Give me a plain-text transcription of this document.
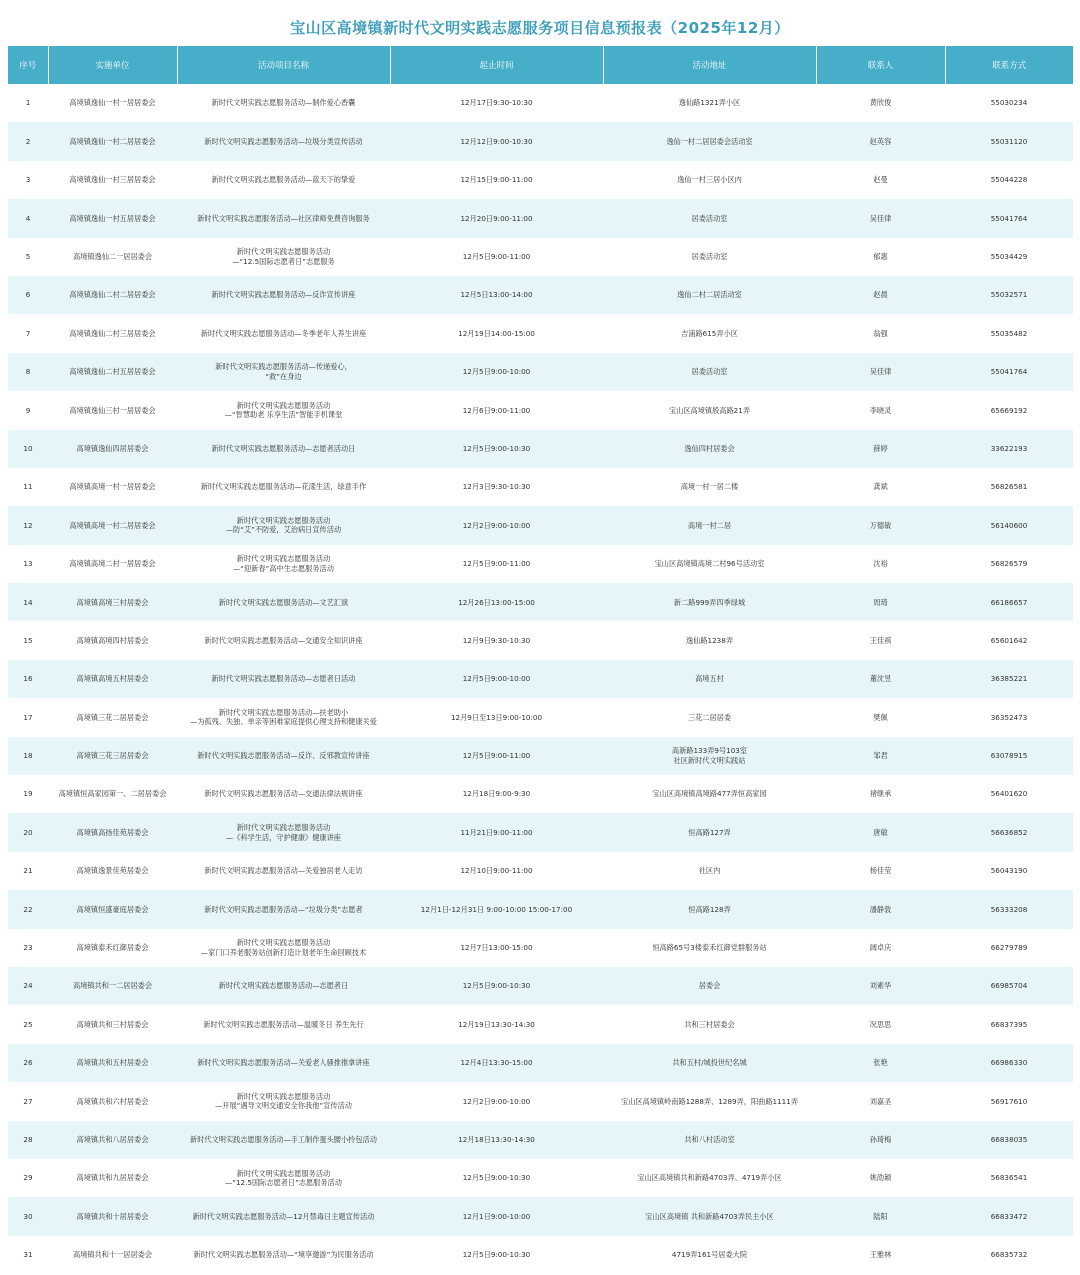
宝山区高境镇新时代文明实践志愿服务项目信息预报表（2025年12月）
序号	实施单位	活动项目名称	起止时间	活动地址	联系人	联系方式
1	高境镇逸仙一村一居居委会	新时代文明实践志愿服务活动—制作爱心香囊	12月17日9:30-10:30	逸仙路1321弄小区	黄欣俊	55030234
2	高境镇逸仙一村二居居委会	新时代文明实践志愿服务活动—垃圾分类宣传活动	12月12日9:00-10:30	逸仙一村二居居委会活动室	赵英容	55031120
3	高境镇逸仙一村三居居委会	新时代文明实践志愿服务活动—蓝天下的挚爱	12月15日9:00-11:00	逸仙一村三居小区内	赵曼	55044228
4	高境镇逸仙一村五居居委会	新时代文明实践志愿服务活动—社区律师免费咨询服务	12月20日9:00-11:00	居委活动室	吴佳律	55041764
5	高境镇逸仙二一居居委会	新时代文明实践志愿服务活动
—“12.5国际志愿者日”志愿服务	12月5日9:00-11:00	居委活动室	郁惠	55034429
6	高境镇逸仙二村二居居委会	新时代文明实践志愿服务活动—反诈宣传讲座	12月5日13:00-14:00	逸仙二村二居活动室	赵晨	55032571
7	高境镇逸仙二村三居居委会	新时代文明实践志愿服务活动—冬季老年人养生讲座	12月19日14:00-15:00	吉浦路615弄小区	翁强	55035482
8	高境镇逸仙二村五居居委会	新时代文明实践志愿服务活动—传递爱心，
“救”在身边	12月5日9:00-10:00	居委活动室	吴佳律	55041764
9	高境镇逸仙三村一居居委会	新时代文明实践志愿服务活动
—“智慧助老 乐享生活”智能手机课堂	12月6日9:00-11:00	宝山区高境镇殷高路21弄	李晓灵	65669192
10	高境镇逸仙四居居委会	新时代文明实践志愿服务活动—志愿者活动日	12月5日9:00-10:30	逸仙四村居委会	薛婷	33622193
11	高境镇高境一村一居居委会	新时代文明实践志愿服务活动—花漾生活，绿意手作	12月3日9:30-10:30	高境一村一居二楼	龚斌	56826581
12	高境镇高境一村二居居委会	新时代文明实践志愿服务活动
—防“艾”不防爱，艾治病日宣传活动	12月2日9:00-10:00	高境一村二居	万德敏	56140600
13	高境镇高境二村一居居委会	新时代文明实践志愿服务活动
—“迎新春”高中生志愿服务活动	12月5日9:00-11:00	宝山区高境镇高境二村96号活动室	沈裕	56826579
14	高境镇高境三村居委会	新时代文明实践志愿服务活动—文艺汇演	12月26日13:00-15:00	新二路999弄四季绿城	周琦	66186657
15	高境镇高境四村居委会	新时代文明实践志愿服务活动—交通安全知识讲座	12月9日9:30-10:30	逸仙路1238弄	王佳祺	65601642
16	高境镇高境五村居委会	新时代文明实践志愿服务活动—志愿者日活动	12月5日9:00-10:00	高境五村	董沈昱	36385221
17	高境镇三花二居居委会	新时代文明实践志愿服务活动—扶老助小
—为孤残、失独、单亲等困难家庭提供心理支持和健康关爱	12月9日至13日9:00-10:00	三花二居居委	樊佩	36352473
18	高境镇三花三居居委会	新时代文明实践志愿服务活动—反诈、反邪教宣传讲座	12月5日9:00-11:00	高新路133弄9号103室
社区新时代文明实践站	邹君	63078915
19	高境镇恒高家园第一、二居居委会	新时代文明实践志愿服务活动—交通法律法规讲座	12月18日9:00-9:30	宝山区高境镇高境路477弄恒高家园	褚继承	56401620
20	高境镇高扬佳苑居委会	新时代文明实践志愿服务活动
—《科学生活，守护健康》健康讲座	11月21日9:00-11:00	恒高路127弄	唐敏	56636852
21	高境镇逸景佳苑居委会	新时代文明实践志愿服务活动—关爱独居老人走访	12月10日9:00-11:00	社区内	杨佳莹	56043190
22	高境镇恒盛豪庭居委会	新时代文明实践志愿服务活动—“垃圾分类”志愿者	12月1日-12月31日 9:00-10:00 15:00-17:00	恒高路128弄	潘静敦	56333208
23	高境镇泰禾红御居委会	新时代文明实践志愿服务活动
—家门口养老服务站创新打造计划老年生命回顾技术	12月7日13:00-15:00	恒高路65号3楼泰禾红御党群服务站	阔卓庆	66279789
24	高境镇共和一二居居委会	新时代文明实践志愿服务活动—志愿者日	12月5日9:00-10:30	居委会	刘素华	66985704
25	高境镇共和三村居委会	新时代文明实践志愿服务活动—温暖冬日 养生先行	12月19日13:30-14:30	共和三村居委会	况思思	66837395
26	高境镇共和五村居委会	新时代文明实践志愿服务活动—关爱老人骚推推拿讲座	12月4日13:30-15:00	共和五村/城投世纪名城	张艳	66986330
27	高境镇共和六村居委会	新时代文明实践志愿服务活动
—开展“遇导文明交通安全你我他”宣传活动	12月2日9:00-10:00	宝山区高境镇岭南路1288弄、1289弄，阳曲路1111弄	刘嘉圣	56917610
28	高境镇共和八居居委会	新时代文明实践志愿服务活动—手工制作蛋头腰小拎包活动	12月18日13:30-14:30	共和八村活动室	孙琦梅	66838035
29	高境镇共和九居居委会	新时代文明实践志愿服务活动
—“12.5国际志愿者日”志愿服务活动	12月5日9:00-10:30	宝山区高境镇共和新路4703弄、4719弄小区	姚劭颖	56836541
30	高境镇共和十居居委会	新时代文明实践志愿服务活动—12月禁毒日主题宣传活动	12月1日9:00-10:00	宝山区高境镇 共和新路4703弄民主小区	陆阳	66833472
31	高境镇共和十一居居委会	新时代文明实践志愿服务活动—“境享邀游”为民服务活动	12月5日9:00-10:30	4719弄161号居委大院	王雅林	66835732
